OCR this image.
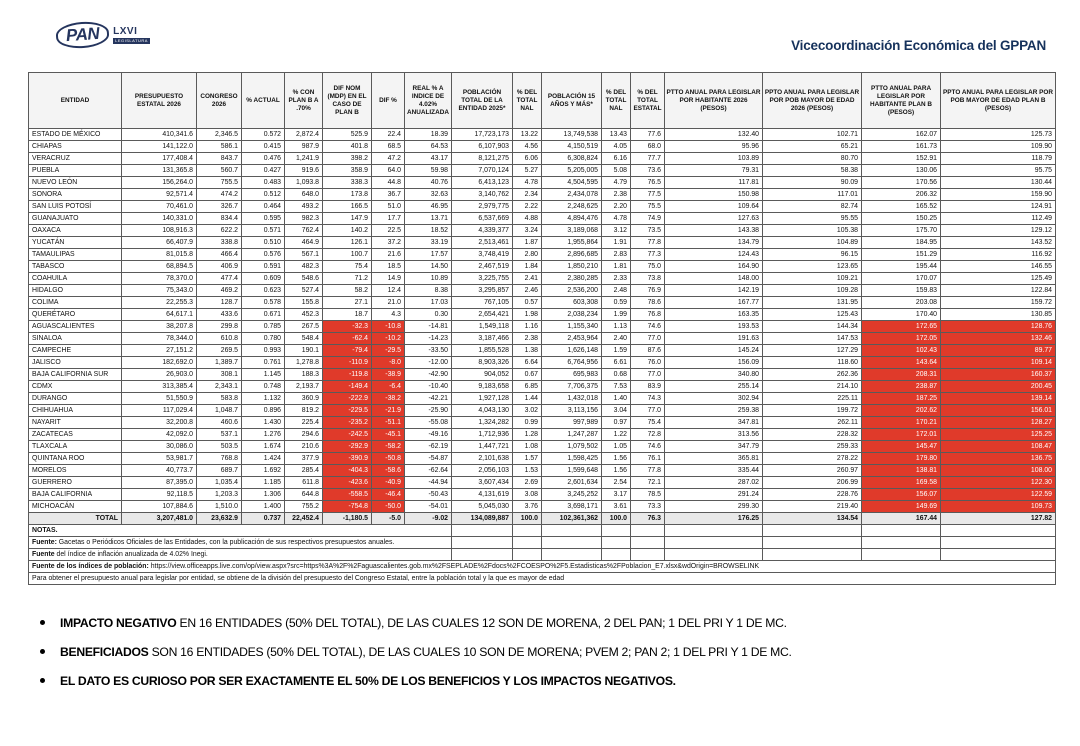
PAN	LXVI
LEGISLATURA	Vicecoordinación Económica del GPPAN
ENTIDAD	PRESUPUESTO ESTATAL 2026	CONGRESO 2026	% ACTUAL	% CON PLAN B A .70%	DIF NOM (MDP) EN EL CASO DE PLAN B	DIF %	REAL % A INDICE DE 4.02% ANUALIZADA	POBLACIÓN TOTAL DE LA ENTIDAD 2025*	% DEL TOTAL NAL	POBLACIÓN 15 AÑOS Y MÁS*	% DEL TOTAL NAL	% DEL TOTAL ESTATAL	PTTO ANUAL PARA LEGISLAR POR HABITANTE 2026 (PESOS)	PPTO ANUAL PARA LEGISLAR POR POB MAYOR DE EDAD 2026 (PESOS)	PTTO ANUAL PARA LEGISLAR POR HABITANTE PLAN B (PESOS)	PPTO ANUAL PARA LEGISLAR POR POB MAYOR DE EDAD PLAN B (PESOS)
ESTADO DE MÉXICO	410,341.6	2,346.5	0.572	2,872.4	525.9	22.4	18.39	17,723,173	13.22	13,749,538	13.43	77.6	132.40	102.71	162.07	125.73
CHIAPAS	141,122.0	586.1	0.415	987.9	401.8	68.5	64.53	6,107,903	4.56	4,150,519	4.05	68.0	95.96	65.21	161.73	109.90
VERACRUZ	177,408.4	843.7	0.476	1,241.9	398.2	47.2	43.17	8,121,275	6.06	6,308,824	6.16	77.7	103.89	80.70	152.91	118.79
PUEBLA	131,365.8	560.7	0.427	919.6	358.9	64.0	59.98	7,070,124	5.27	5,205,005	5.08	73.6	79.31	58.38	130.06	95.75
NUEVO LEÓN	156,264.0	755.5	0.483	1,093.8	338.3	44.8	40.76	6,413,123	4.78	4,504,595	4.79	76.5	117.81	90.09	170.56	130.44
SONORA	92,571.4	474.2	0.512	648.0	173.8	36.7	32.63	3,140,762	2.34	2,434,078	2.38	77.5	150.98	117.01	206.32	159.90
SAN LUIS POTOSÍ	70,461.0	326.7	0.464	493.2	166.5	51.0	46.95	2,979,775	2.22	2,248,625	2.20	75.5	109.64	82.74	165.52	124.91
GUANAJUATO	140,331.0	834.4	0.595	982.3	147.9	17.7	13.71	6,537,669	4.88	4,894,476	4.78	74.9	127.63	95.55	150.25	112.49
OAXACA	108,916.3	622.2	0.571	762.4	140.2	22.5	18.52	4,339,377	3.24	3,189,068	3.12	73.5	143.38	105.38	175.70	129.12
YUCATÁN	66,407.9	338.8	0.510	464.9	126.1	37.2	33.19	2,513,461	1.87	1,955,864	1.91	77.8	134.79	104.89	184.95	143.52
TAMAULIPAS	81,015.8	466.4	0.576	567.1	100.7	21.6	17.57	3,748,419	2.80	2,896,685	2.83	77.3	124.43	96.15	151.29	116.92
TABASCO	68,894.5	406.9	0.591	482.3	75.4	18.5	14.50	2,467,519	1.84	1,850,210	1.81	75.0	164.90	123.65	195.44	146.55
COAHUILA	78,370.0	477.4	0.609	548.6	71.2	14.9	10.89	3,225,755	2.41	2,380,285	2.33	73.8	148.00	109.21	170.07	125.49
HIDALGO	75,343.0	469.2	0.623	527.4	58.2	12.4	8.38	3,295,857	2.46	2,536,200	2.48	76.9	142.19	109.28	159.83	122.84
COLIMA	22,255.3	128.7	0.578	155.8	27.1	21.0	17.03	767,105	0.57	603,308	0.59	78.6	167.77	131.95	203.08	159.72
QUERÉTARO	64,617.1	433.6	0.671	452.3	18.7	4.3	0.30	2,654,421	1.98	2,038,234	1.99	76.8	163.35	125.43	170.40	130.85
AGUASCALIENTES	38,207.8	299.8	0.785	267.5	-32.3	-10.8	-14.81	1,549,118	1.16	1,155,340	1.13	74.6	193.53	144.34	172.65	128.76
SINALOA	78,344.0	610.8	0.780	548.4	-62.4	-10.2	-14.23	3,187,466	2.38	2,453,964	2.40	77.0	191.63	147.53	172.05	132.46
CAMPECHE	27,151.2	269.5	0.993	190.1	-79.4	-29.5	-33.50	1,855,528	1.38	1,626,148	1.59	87.6	145.24	127.29	102.43	89.77
JALISCO	182,692.0	1,389.7	0.761	1,278.8	-110.9	-8.0	-12.00	8,903,326	6.64	6,764,956	6.61	76.0	156.09	118.60	143.64	109.14
BAJA CALIFORNIA SUR	26,903.0	308.1	1.145	188.3	-119.8	-38.9	-42.90	904,052	0.67	695,983	0.68	77.0	340.80	262.36	208.31	160.37
CDMX	313,385.4	2,343.1	0.748	2,193.7	-149.4	-6.4	-10.40	9,183,658	6.85	7,706,375	7.53	83.9	255.14	214.10	238.87	200.45
DURANGO	51,550.9	583.8	1.132	360.9	-222.9	-38.2	-42.21	1,927,128	1.44	1,432,018	1.40	74.3	302.94	225.11	187.25	139.14
CHIHUAHUA	117,029.4	1,048.7	0.896	819.2	-229.5	-21.9	-25.90	4,043,130	3.02	3,113,156	3.04	77.0	259.38	199.72	202.62	156.01
NAYARIT	32,200.8	460.6	1.430	225.4	-235.2	-51.1	-55.08	1,324,282	0.99	997,989	0.97	75.4	347.81	262.11	170.21	128.27
ZACATECAS	42,092.0	537.1	1.276	294.6	-242.5	-45.1	-49.16	1,712,936	1.28	1,247,287	1.22	72.8	313.56	228.32	172.01	125.25
TLAXCALA	30,086.0	503.5	1.674	210.6	-292.9	-58.2	-62.19	1,447,721	1.08	1,079,502	1.05	74.6	347.79	259.33	145.47	108.47
QUINTANA ROO	53,981.7	768.8	1.424	377.9	-390.9	-50.8	-54.87	2,101,638	1.57	1,598,425	1.56	76.1	365.81	278.22	179.80	136.75
MORELOS	40,773.7	689.7	1.692	285.4	-404.3	-58.6	-62.64	2,056,103	1.53	1,599,648	1.56	77.8	335.44	260.97	138.81	108.00
GUERRERO	87,395.0	1,035.4	1.185	611.8	-423.6	-40.9	-44.94	3,607,434	2.69	2,601,634	2.54	72.1	287.02	206.99	169.58	122.30
BAJA CALIFORNIA	92,118.5	1,203.3	1.306	644.8	-558.5	-46.4	-50.43	4,131,619	3.08	3,245,252	3.17	78.5	291.24	228.76	156.07	122.59
MICHOACÁN	107,884.6	1,510.0	1.400	755.2	-754.8	-50.0	-54.01	5,045,030	3.76	3,698,171	3.61	73.3	299.30	219.40	149.69	109.73
TOTAL	3,207,481.0	23,632.9	0.737	22,452.4	-1,180.5	-5.0	-9.02	134,089,887	100.0	102,361,362	100.0	76.3	176.25	134.54	167.44	127.82
NOTAS.																
Fuente: Gacetas o Periódicos Oficiales de las Entidades, con la publicación de sus respectivos presupuestos anuales.																
Fuente del índice de inflación anualizada de 4.02% Inegi.																
Fuente de los índices de población: https://view.officeapps.live.com/op/view.aspx?src=https%3A%2F%2Faguascalientes.gob.mx%2FSEPLADE%2Fdocs%2FCOESPO%2F5.Estadisticas%2FPoblacion_E7.xlsx&wdOrigin=BROWSELINK																
Para obtener el presupuesto anual para legislar por entidad, se obtiene de la división del presupuesto del Congreso Estatal, entre la población total y la que es mayor de edad																
IMPACTO NEGATIVO EN 16 ENTIDADES (50% DEL TOTAL), DE LAS CUALES 12 SON DE MORENA, 2 DEL PAN; 1 DEL PRI Y 1 DE MC.
BENEFICIADOS SON 16 ENTIDADES (50% DEL TOTAL), DE LAS CUALES 10 SON DE MORENA; PVEM 2; PAN 2; 1 DEL PRI Y 1 DE MC.
EL DATO ES CURIOSO POR SER EXACTAMENTE EL 50% DE LOS BENEFICIOS Y LOS IMPACTOS NEGATIVOS.
